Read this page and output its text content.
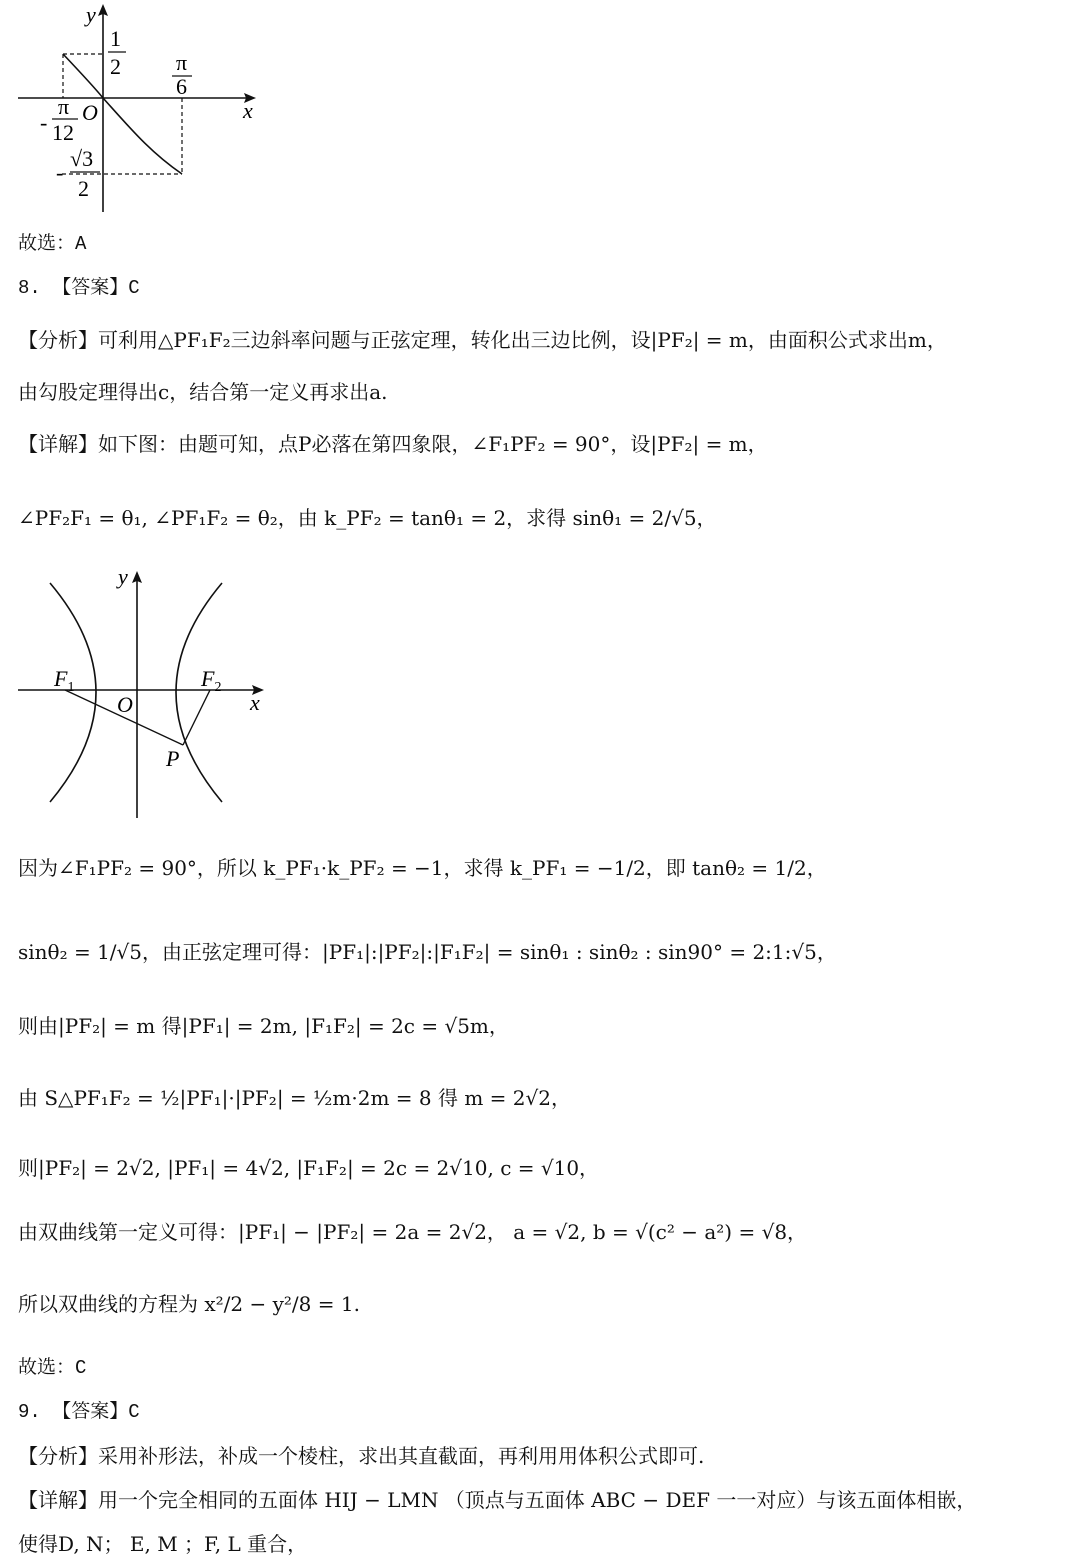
y
x
O
1
2	π
6
-
π
12
-
√3
2
故选：A
8. 【答案】C
【分析】可利用△PF₁F₂三边斜率问题与正弦定理，转化出三边比例，设|PF₂| = m，由面积公式求出m，
由勾股定理得出c，结合第一定义再求出a.
【详解】如下图：由题可知，点P必落在第四象限，∠F₁PF₂ = 90°，设|PF₂| = m，
∠PF₂F₁ = θ₁, ∠PF₁F₂ = θ₂，由 k_PF₂ = tanθ₁ = 2，求得 sinθ₁ = 2/√5，
y
x
O
$F_1$	$F_2$
P
因为∠F₁PF₂ = 90°，所以 k_PF₁·k_PF₂ = −1，求得 k_PF₁ = −1/2，即 tanθ₂ = 1/2，
sinθ₂ = 1/√5，由正弦定理可得：|PF₁|:|PF₂|:|F₁F₂| = sinθ₁ : sinθ₂ : sin90° = 2:1:√5，
则由|PF₂| = m 得|PF₁| = 2m, |F₁F₂| = 2c = √5m，
由 S△PF₁F₂ = ½|PF₁|·|PF₂| = ½m·2m = 8 得 m = 2√2，
则|PF₂| = 2√2, |PF₁| = 4√2, |F₁F₂| = 2c = 2√10, c = √10，
由双曲线第一定义可得：|PF₁| − |PF₂| = 2a = 2√2， a = √2, b = √(c² − a²) = √8，
所以双曲线的方程为 x²/2 − y²/8 = 1.
故选：C
9. 【答案】C
【分析】采用补形法，补成一个棱柱，求出其直截面，再利用用体积公式即可.
【详解】用一个完全相同的五面体 HIJ − LMN （顶点与五面体 ABC − DEF 一一对应）与该五面体相嵌，
使得D, N； E, M ；F, L 重合，
